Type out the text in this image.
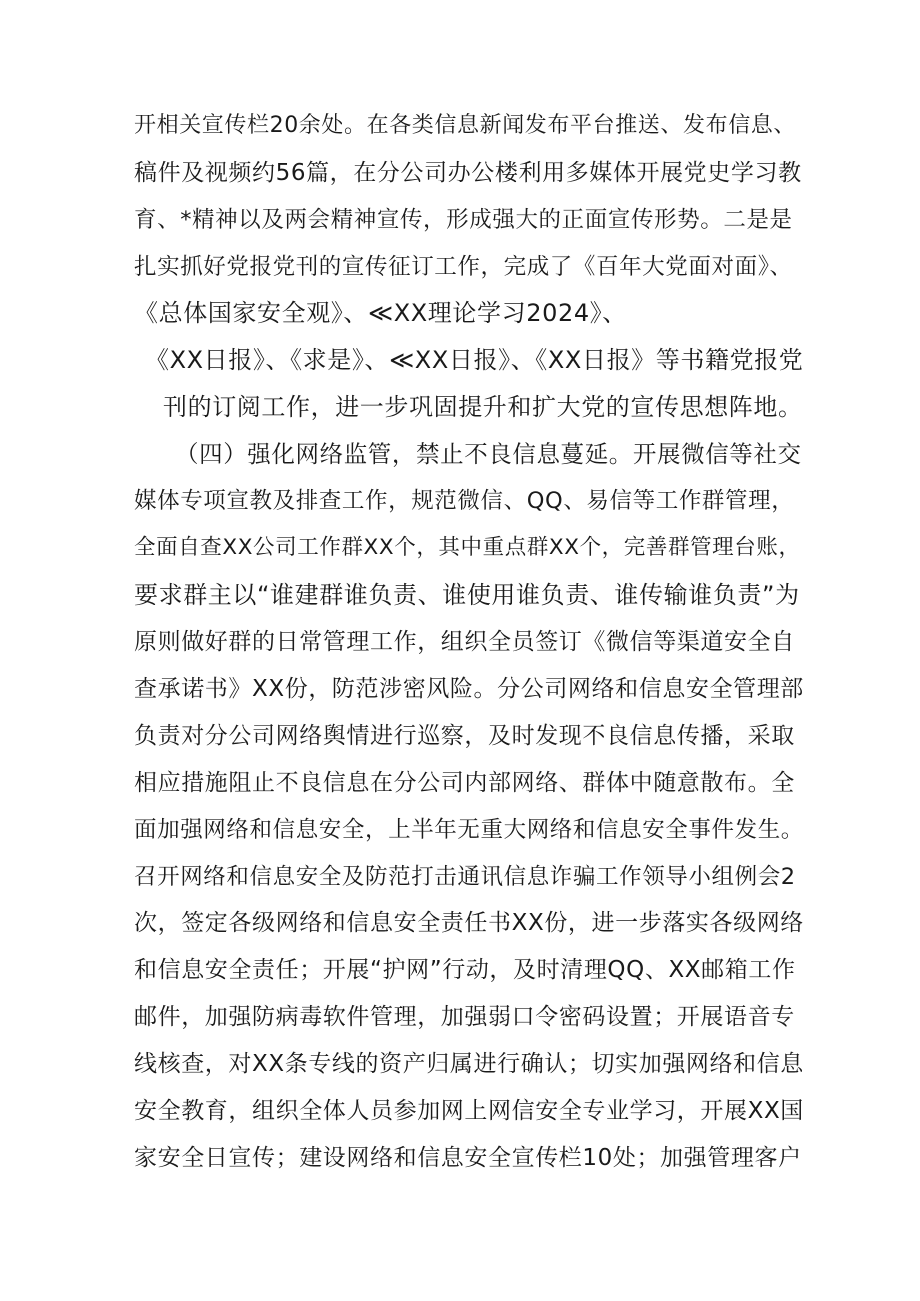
开相关宣传栏20余处。在各类信息新闻发布平台推送、发布信息、
稿件及视频约56篇，在分公司办公楼利用多媒体开展党史学习教
育、*精神以及两会精神宣传，形成强大的正面宣传形势。二是是
扎实抓好党报党刊的宣传征订工作，完成了《百年大党面对面》、
《总体国家安全观》、≪XX理论学习2024》、
《XX日报》、《求是》、≪XX日报》、《XX日报》等书籍党报党
刊的订阅工作，进一步巩固提升和扩大党的宣传思想阵地。
（四）强化网络监管，禁止不良信息蔓延。开展微信等社交
媒体专项宣教及排查工作，规范微信、QQ、易信等工作群管理，
全面自查XX公司工作群XX个，其中重点群XX个，完善群管理台账，
要求群主以“谁建群谁负责、谁使用谁负责、谁传输谁负责”为
原则做好群的日常管理工作，组织全员签订《微信等渠道安全自
查承诺书》XX份，防范涉密风险。分公司网络和信息安全管理部
负责对分公司网络舆情进行巡察，及时发现不良信息传播，采取
相应措施阻止不良信息在分公司内部网络、群体中随意散布。全
面加强网络和信息安全，上半年无重大网络和信息安全事件发生。
召开网络和信息安全及防范打击通讯信息诈骗工作领导小组例会2
次，签定各级网络和信息安全责任书XX份，进一步落实各级网络
和信息安全责任；开展“护网”行动，及时清理QQ、XX邮箱工作
邮件，加强防病毒软件管理，加强弱口令密码设置；开展语音专
线核查，对XX条专线的资产归属进行确认；切实加强网络和信息
安全教育，组织全体人员参加网上网信安全专业学习，开展XX国
家安全日宣传；建设网络和信息安全宣传栏10处；加强管理客户
